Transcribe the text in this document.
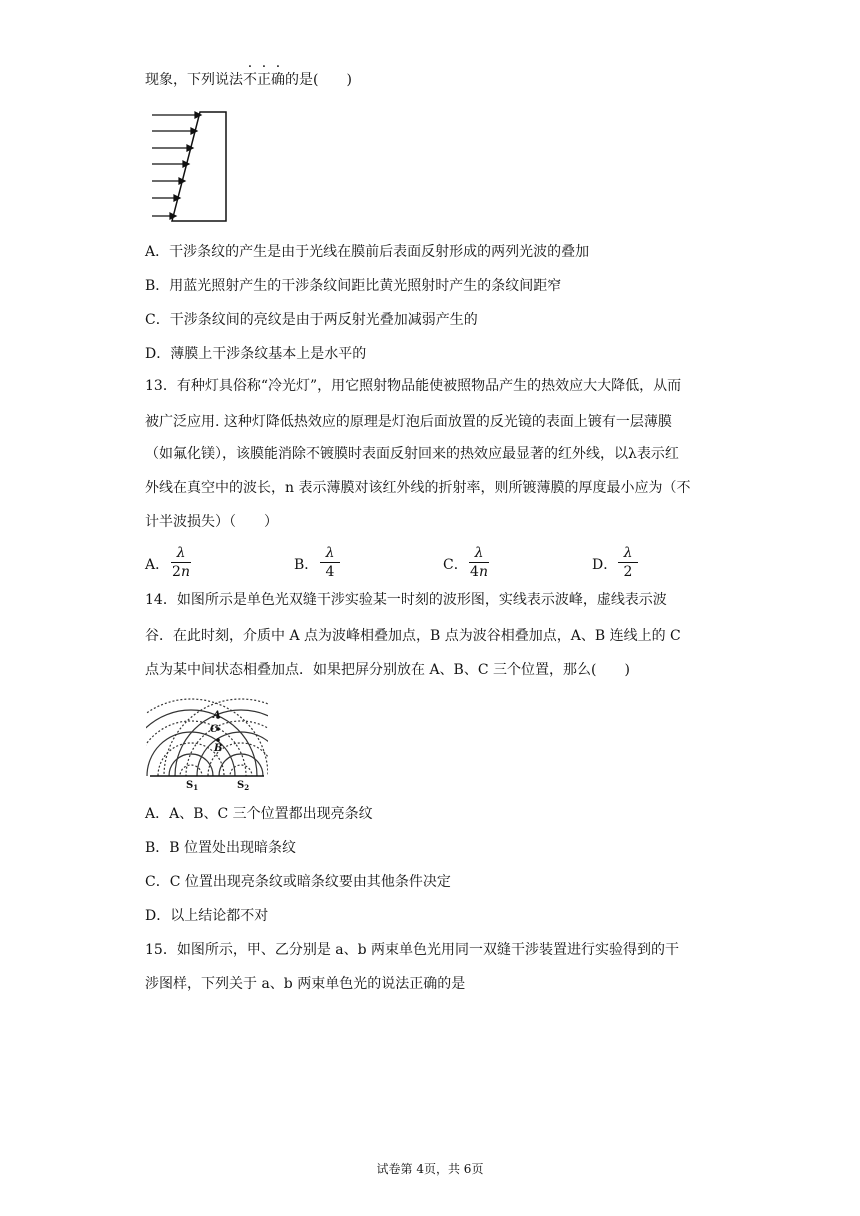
现象，下列说法不正确的是(　　)
A．干涉条纹的产生是由于光线在膜前后表面反射形成的两列光波的叠加
B．用蓝光照射产生的干涉条纹间距比黄光照射时产生的条纹间距窄
C．干涉条纹间的亮纹是由于两反射光叠加减弱产生的
D．薄膜上干涉条纹基本上是水平的
13．有种灯具俗称“冷光灯”，用它照射物品能使被照物品产生的热效应大大降低，从而
被广泛应用. 这种灯降低热效应的原理是灯泡后面放置的反光镜的表面上镀有一层薄膜
（如氟化镁），该膜能消除不镀膜时表面反射回来的热效应最显著的红外线，以λ表示红
外线在真空中的波长，n 表示薄膜对该红外线的折射率，则所镀薄膜的厚度最小应为（不
计半波损失）（　　）
A．
λ
2n	B．
λ
4	C．
λ
4n	D．
λ
2
14．如图所示是单色光双缝干涉实验某一时刻的波形图，实线表示波峰，虚线表示波
谷．在此时刻，介质中 A 点为波峰相叠加点，B 点为波谷相叠加点，A、B 连线上的 C
点为某中间状态相叠加点．如果把屏分别放在 A、B、C 三个位置，那么(　　)
A
C
B
$S_1$	$S_2$
A．A、B、C 三个位置都出现亮条纹
B．B 位置处出现暗条纹
C．C 位置出现亮条纹或暗条纹要由其他条件决定
D．以上结论都不对
15．如图所示，甲、乙分别是 a、b 两束单色光用同一双缝干涉装置进行实验得到的干
涉图样，下列关于 a、b 两束单色光的说法正确的是
试卷第 4页，共 6页
